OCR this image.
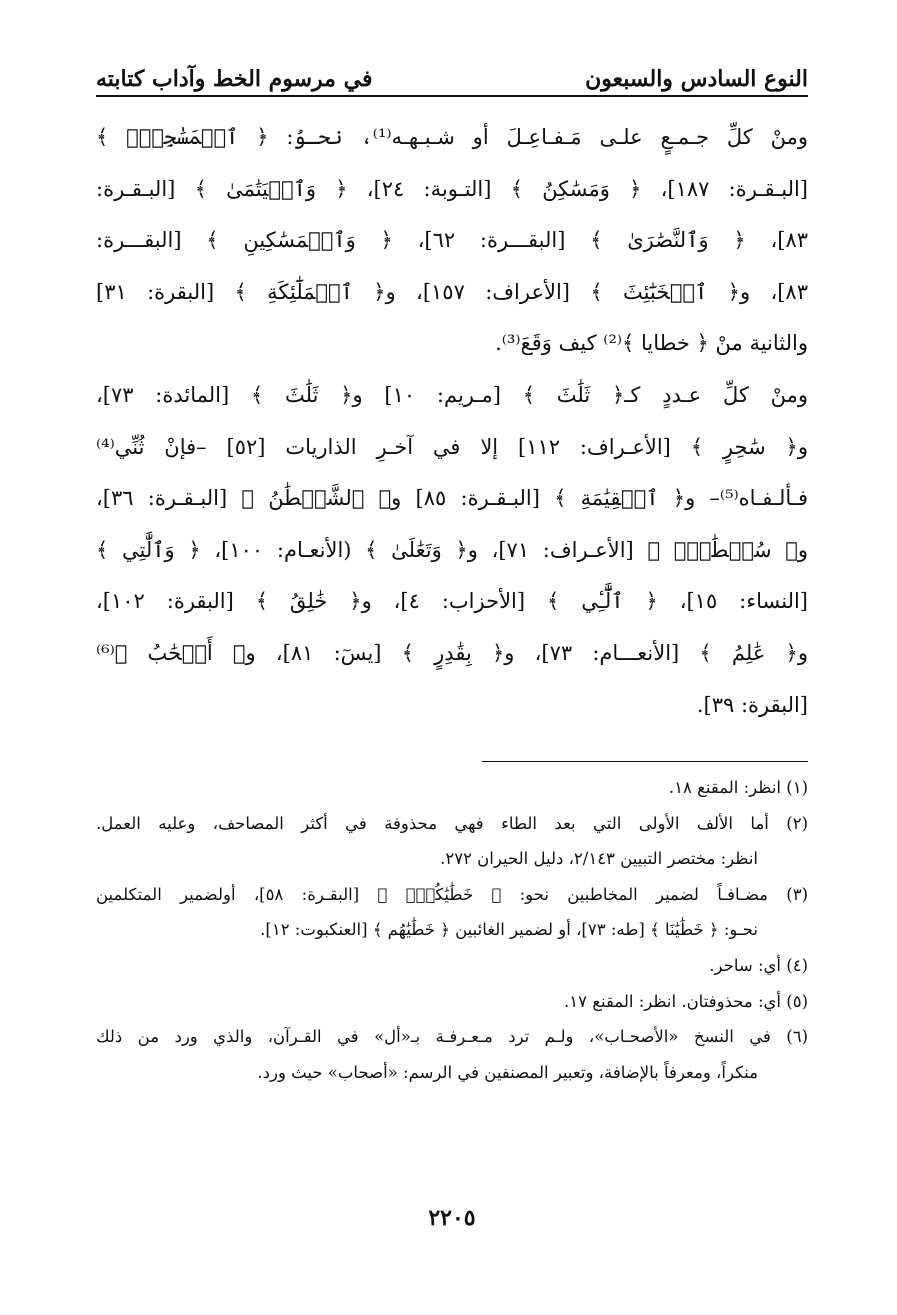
النوع السادس والسبعون
في مرسوم الخط وآداب كتابته
ومنْ كلِّ جـمـعٍ علـى مَـفـاعِـلَ أو شـبـهـه⁽¹⁾، نحـوُ: ﴿ ٱلۡمَسَٰجِدِۗ ﴾
[البـقـرة: ١٨٧]، ﴿ وَمَسَٰكِنُ ﴾ [التـوبة: ٢٤]، ﴿ وَٱلۡيَتَٰمَىٰ ﴾ [البـقـرة:
٨٣]، ﴿ وَٱلنَّصَٰرَىٰ ﴾ [البقـــرة: ٦٢]، ﴿ وَٱلۡمَسَٰكِينِ ﴾ [البقـــرة:
٨٣]، و﴿ ٱلۡخَبَٰٓئِثَ ﴾ [الأعراف: ١٥٧]، و﴿ ٱلۡمَلَٰٓئِكَةِ ﴾ [البقرة: ٣١]
والثانية منْ ﴿ خطايا ﴾⁽²⁾ كيف وَقَعَ⁽³⁾.
ومنْ كلِّ عـددٍ كـ﴿ ثَلَٰثَ ﴾ [مـريم: ١٠] و﴿ ثَلَٰثَ ﴾ [المائدة: ٧٣]،
و﴿ سَٰحِرٍ ﴾ [الأعـراف: ١١٢] إلا في آخـرِ الذاريات [٥٢] –فإنْ ثُنِّي⁽⁴⁾
فـألـفـاه⁽⁵⁾– و﴿ ٱلۡقِيَٰمَةِ ﴾ [البـقـرة: ٨٥] و﴿ ٱلشَّيۡطَٰنُ ﴾ [البـقـرة: ٣٦]،
و﴿ سُلۡطَٰنٍۚ ﴾ [الأعـراف: ٧١]، و﴿ وَتَعَٰلَىٰ ﴾ (الأنعـام: ١٠٠]، ﴿ وَٱلَّٰتِي ﴾
[النساء: ١٥]، ﴿ ٱلَّٰٓـِٔي ﴾ [الأحزاب: ٤]، و﴿ خَٰلِقُ ﴾ [البقرة: ١٠٢]،
و﴿ عَٰلِمُ ﴾ [الأنعـــام: ٧٣]، و﴿ بِقَٰدِرٍ ﴾ [يسٓ: ٨١]، و﴿ أَصۡحَٰبُ ﴾⁽⁶⁾
[البقرة: ٣٩].
(١) انظر: المقنع ١٨.
(٢) أما الألف الأولى التي بعد الطاء فهي محذوفة في أكثر المصاحف، وعليه العمل.
انظر: مختصر التبيين ٢/١٤٣، دليل الحيران ٢٧٢.
(٣) مضـافـاً لضمير المخاطبين نحو: ﴿ خَطَٰيَٰكُمۡۚ ﴾ [البقـرة: ٥٨]، أولضمير المتكلمين
نحـو: ﴿ خَطَٰيَٰنَا ﴾ [طه: ٧٣]، أو لضمير الغائبين ﴿ خَطَٰيَٰهُم ﴾ [العنكبوت: ١٢].
(٤) أي: ساحر.
(٥) أي: محذوفتان. انظر: المقنع ١٧.
(٦) في النسخ «الأصحـاب»، ولـم ترد مـعـرفـة بـ«أل» في القـرآن، والذي ورد من ذلك
منكراً، ومعرفاً بالإضافة، وتعبير المصنفين في الرسم: «أصحاب» حيث ورد.
٢٢٠٥
